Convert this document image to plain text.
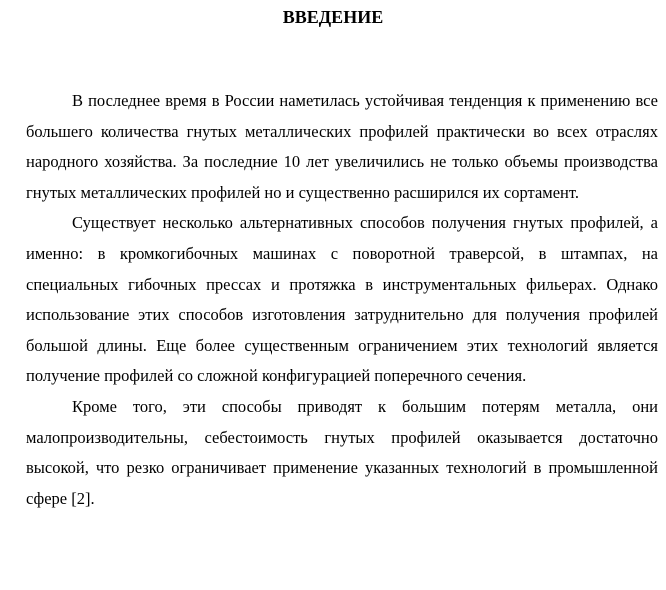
ВВЕДЕНИЕ

В последнее время в России наметилась устойчивая тенденция к применению все большего количества гнутых металлических профилей практически во всех отраслях народного хозяйства. За последние 10 лет увеличились не только объемы производства гнутых металлических профилей но и существенно расширился их сортамент.

Существует несколько альтернативных способов получения гнутых профилей, а именно: в кромкогибочных машинах с поворотной траверсой, в штампах, на специальных гибочных прессах и протяжка в инструментальных фильерах. Однако использование этих способов изготовления затруднительно для получения профилей большой длины. Еще более существенным ограничением этих технологий является получение профилей со сложной конфигурацией поперечного сечения.

Кроме того, эти способы приводят к большим потерям металла, они малопроизводительны, себестоимость гнутых профилей оказывается достаточно высокой, что резко ограничивает применение указанных технологий в промышленной сфере [2].
